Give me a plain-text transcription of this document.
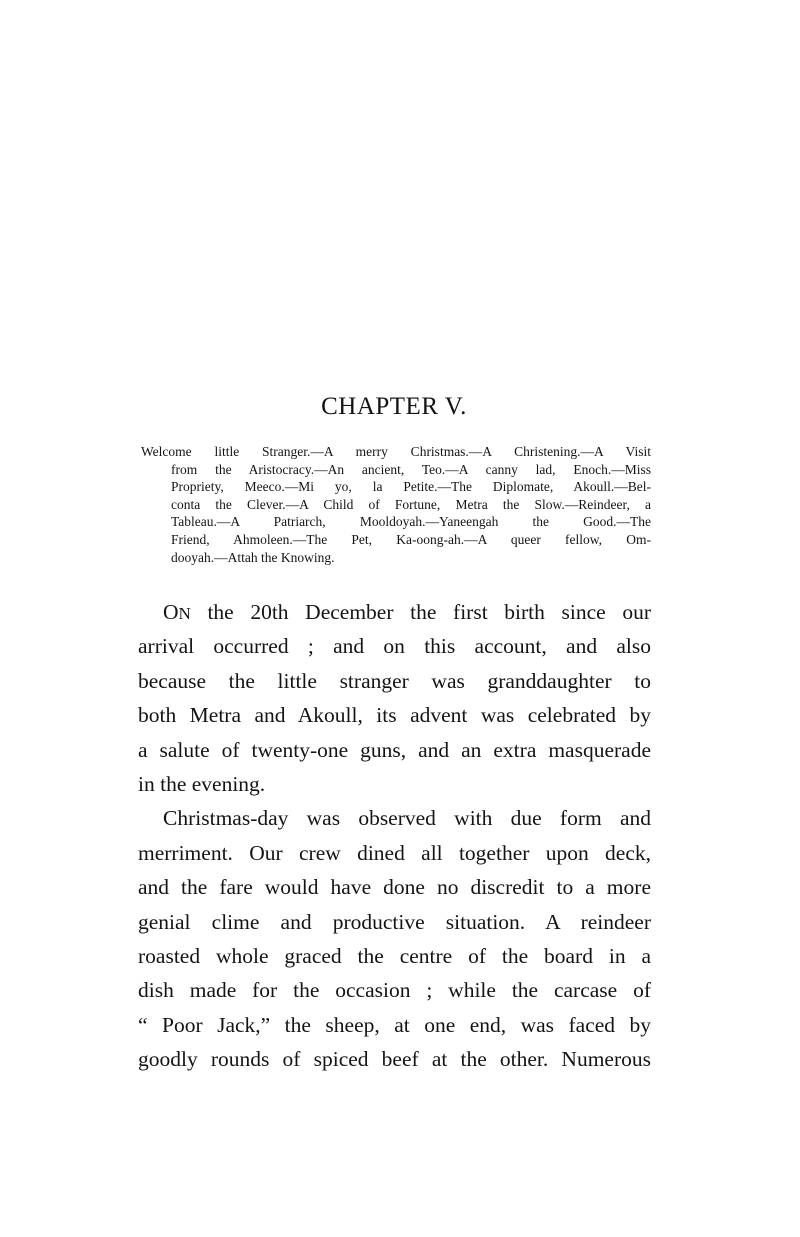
CHAPTER V.
Welcome little Stranger.—A merry Christmas.—A Christening.—A Visit
from the Aristocracy.—An ancient, Teo.—A canny lad, Enoch.—Miss
Propriety, Meeco.—Mi yo, la Petite.—The Diplomate, Akoull.—Bel-
conta the Clever.—A Child of Fortune, Metra the Slow.—Reindeer, a
Tableau.—A Patriarch, Mooldoyah.—Yaneengah the Good.—The
Friend, Ahmoleen.—The Pet, Ka-oong-ah.—A queer fellow, Om-
dooyah.—Attah the Knowing.
ON the 20th December the first birth since our
arrival occurred ; and on this account, and also
because the little stranger was granddaughter to
both Metra and Akoull, its advent was celebrated by
a salute of twenty-one guns, and an extra masquerade
in the evening.
Christmas-day was observed with due form and
merriment. Our crew dined all together upon deck,
and the fare would have done no discredit to a more
genial clime and productive situation. A reindeer
roasted whole graced the centre of the board in a
dish made for the occasion ; while the carcase of
“ Poor Jack,” the sheep, at one end, was faced by
goodly rounds of spiced beef at the other. Numerous
